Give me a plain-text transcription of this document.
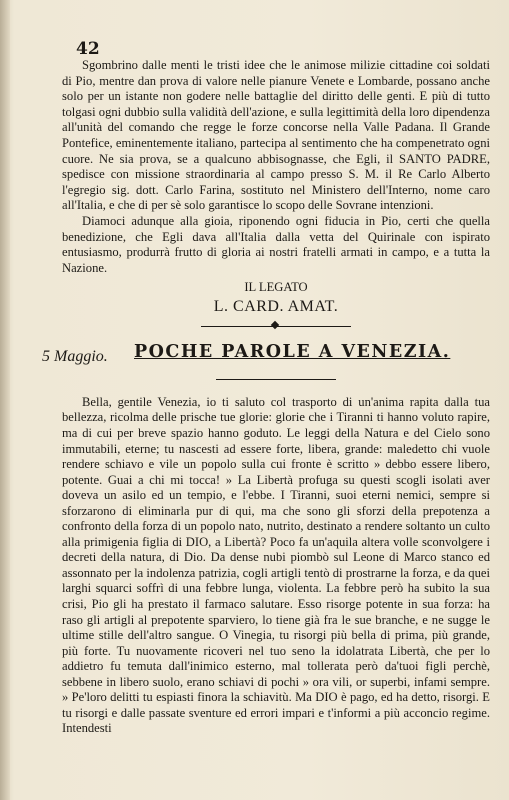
42

Sgombrino dalle menti le tristi idee che le animose milizie cittadine coi soldati di Pio, mentre dan prova di valore nelle pianure Venete e Lombarde, possano anche solo per un istante non godere nelle battaglie del diritto delle genti. E più di tutto tolgasi ogni dubbio sulla validità dell'azione, e sulla legittimità della loro dipendenza all'unità del comando che regge le forze concorse nella Valle Padana. Il Grande Pontefice, eminentemente italiano, partecipa al sentimento che ha compenetrato ogni cuore. Ne sia prova, se a qualcuno abbisognasse, che Egli, il SANTO PADRE, spedisce con missione straordinaria al campo presso S. M. il Re Carlo Alberto l'egregio sig. dott. Carlo Farina, sostituto nel Ministero dell'Interno, nome caro all'Italia, e che di per sè solo garantisce lo scopo delle Sovrane intenzioni.

Diamoci adunque alla gioia, riponendo ogni fiducia in Pio, certi che quella benedizione, che Egli dava all'Italia dalla vetta del Quirinale con ispirato entusiasmo, produrrà frutto di gloria ai nostri fratelli armati in campo, e a tutta la Nazione.

IL LEGATO
L. CARD. AMAT.
5 Maggio. POCHE PAROLE A VENEZIA.

Bella, gentile Venezia, io ti saluto col trasporto di un'anima rapita dalla tua bellezza, ricolma delle prische tue glorie: glorie che i Tiranni ti hanno voluto rapire, ma di cui per breve spazio hanno goduto. Le leggi della Natura e del Cielo sono immutabili, eterne; tu nascesti ad essere forte, libera, grande: maledetto chi vuole rendere schiavo e vile un popolo sulla cui fronte è scritto » debbo essere libero, potente. Guai a chi mi tocca! » La Libertà profuga su questi scogli isolati aver doveva un asilo ed un tempio, e l'ebbe. I Tiranni, suoi eterni nemici, sempre si sforzarono di eliminarla pur di qui, ma che sono gli sforzi della prepotenza a confronto della forza di un popolo nato, nutrito, destinato a rendere soltanto un culto alla primigenia figlia di DIO, a Libertà? Poco fa un'aquila altera volle sconvolgere i decreti della natura, di Dio. Da dense nubi piombò sul Leone di Marco stanco ed assonnato per la indolenza patrizia, cogli artigli tentò di prostrarne la forza, e da quei larghi squarci soffrì di una febbre lunga, violenta. La febbre però ha subito la sua crisi, Pio gli ha prestato il farmaco salutare. Esso risorge potente in sua forza: ha raso gli artigli al prepotente sparviero, lo tiene già fra le sue branche, e ne sugge le ultime stille dell'altro sangue. O Vinegia, tu risorgi più bella di prima, più grande, più forte. Tu nuovamente ricoveri nel tuo seno la idolatrata Libertà, che per lo addietro fu temuta dall'inimico esterno, mal tollerata però da'tuoi figli perchè, sebbene in libero suolo, erano schiavi di pochi » ora vili, or superbi, infami sempre. » Pe'loro delitti tu espiasti finora la schiavitù. Ma DIO è pago, ed ha detto, risorgi. E tu risorgi e dalle passate sventure ed errori impari e t'informi a più acconcio regime. Intendesti
